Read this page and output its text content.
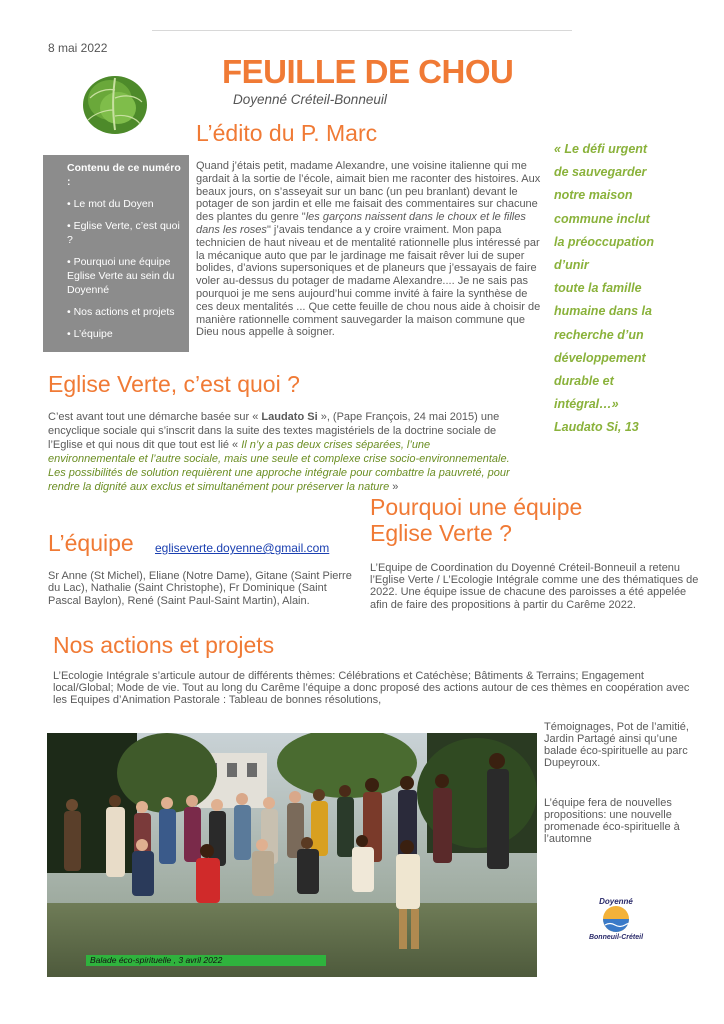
8 mai 2022
FEUILLE DE CHOU
Doyenné Créteil-Bonneuil
L’édito du P. Marc
Contenu de ce numéro :
• Le mot du Doyen
• Eglise Verte, c’est quoi ?
• Pourquoi une équipe Eglise Verte au sein du Doyenné
• Nos actions et projets
• L’équipe
Quand j’étais petit, madame Alexandre, une voisine italienne qui me gardait à la sortie de l’école, aimait bien me raconter des histoires. Aux beaux jours, on s’asseyait sur un banc (un peu branlant) devant le potager de son jardin et elle me faisait des commentaires sur chacune des plantes du genre "les garçons naissent dans le choux et le filles dans les roses" j’avais tendance a y croire vraiment. Mon papa technicien de haut niveau et de mentalité rationnelle plus intéressé par la mécanique auto que par le jardinage me faisait rêver lui de super bolides, d’avions supersoniques et de planeurs que j’essayais de faire voler au-dessus du potager de madame Alexandre.... Je ne sais pas pourquoi je me sens aujourd’hui comme invité à faire la synthèse de ces deux mentalités ... Que cette feuille de chou nous aide à choisir de manière rationnelle comment sauvegarder la maison commune que Dieu nous appelle à soigner.
« Le défi urgent
de sauvegarder
notre maison
commune inclut
la préoccupation
d’unir
toute la famille
humaine dans la
recherche d’un
développement
durable et
intégral…»
Laudato Si, 13
Eglise Verte, c’est quoi ?
C’est avant tout une démarche basée sur « Laudato Si », (Pape François, 24 mai 2015) une encyclique sociale qui s’inscrit dans la suite des textes magistériels de la doctrine sociale de l’Eglise et qui nous dit que tout est lié « Il n’y a pas deux crises séparées, l’une environnementale et l’autre sociale, mais une seule et complexe crise socio-environnementale. Les possibilités de solution requièrent une approche intégrale pour combattre la pauvreté, pour rendre la dignité aux exclus et simultanément pour préserver la nature »
Pourquoi une équipe
Eglise Verte ?
L’Equipe de Coordination du Doyenné Créteil-Bonneuil a retenu l’Eglise Verte / L’Ecologie Intégrale comme une des thématiques de 2022. Une équipe issue de chacune des paroisses a été appelée afin de faire des propositions à partir du Carême 2022.
L’équipe egliseverte.doyenne@gmail.com
Sr Anne (St Michel), Eliane (Notre Dame), Gitane (Saint Pierre du Lac), Nathalie (Saint Christophe), Fr Dominique (Saint Pascal Baylon), René (Saint Paul-Saint Martin), Alain.
Nos actions et projets
L’Ecologie Intégrale s’articule autour de différents thèmes: Célébrations et Catéchèse; Bâtiments & Terrains; Engagement local/Global; Mode de vie. Tout au long du Carême l’équipe a donc proposé des actions autour de ces thèmes en coopération avec les Equipes d’Animation Pastorale : Tableau de bonnes résolutions,
Témoignages, Pot de l’amitié, Jardin Partagé ainsi qu’une balade éco-spirituelle au parc Dupeyroux.
L’équipe fera de nouvelles propositions: une nouvelle promenade éco-spirituelle à l’automne
Balade éco-spirituelle , 3 avril 2022
Doyenné
Bonneuil-Créteil
